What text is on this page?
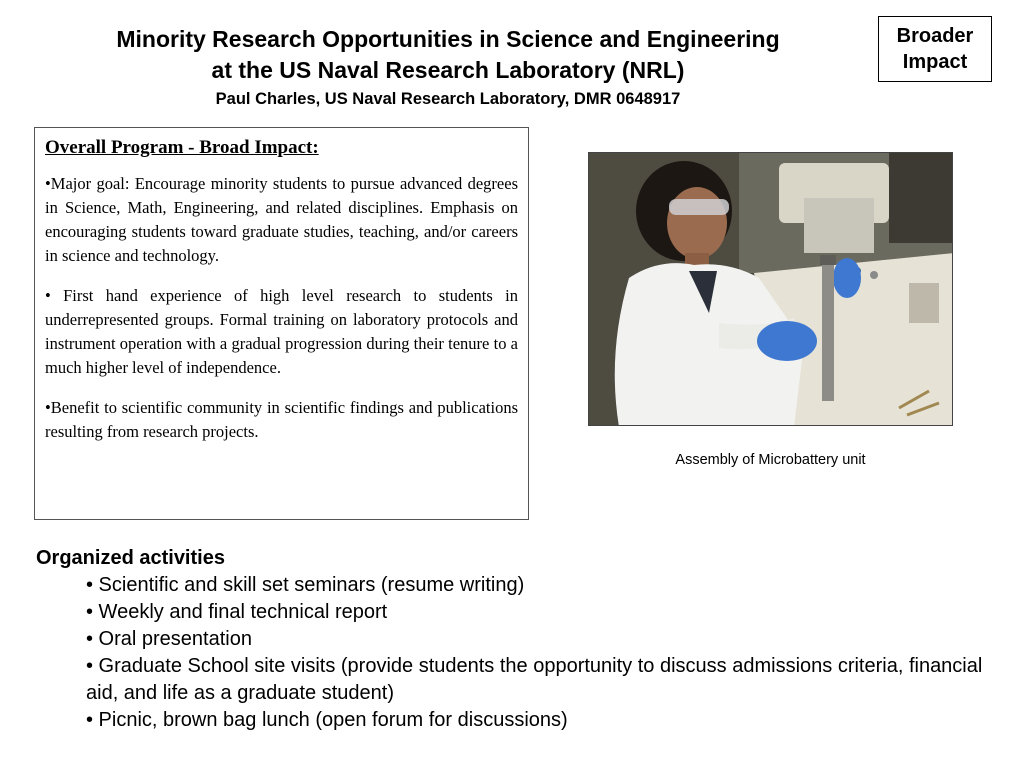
Minority Research Opportunities in Science and Engineering
at the US Naval Research Laboratory (NRL)
Paul Charles, US Naval Research Laboratory, DMR 0648917
Broader
Impact
Overall Program - Broad Impact:

•Major goal: Encourage minority students to pursue advanced degrees in Science, Math, Engineering, and related disciplines. Emphasis on encouraging students toward graduate studies, teaching, and/or careers in science and technology.

• First hand experience of high level research to students in underrepresented groups. Formal training on laboratory protocols and instrument operation with a gradual progression during their tenure to a much higher level of independence.

•Benefit to scientific community in scientific findings and publications resulting from research projects.

Assembly of Microbattery unit
Organized activities
• Scientific and skill set seminars (resume writing)
• Weekly and final technical report
• Oral presentation
• Graduate School site visits (provide students the opportunity to discuss admissions criteria, financial aid, and life as a graduate student)
• Picnic, brown bag lunch (open forum for discussions)
